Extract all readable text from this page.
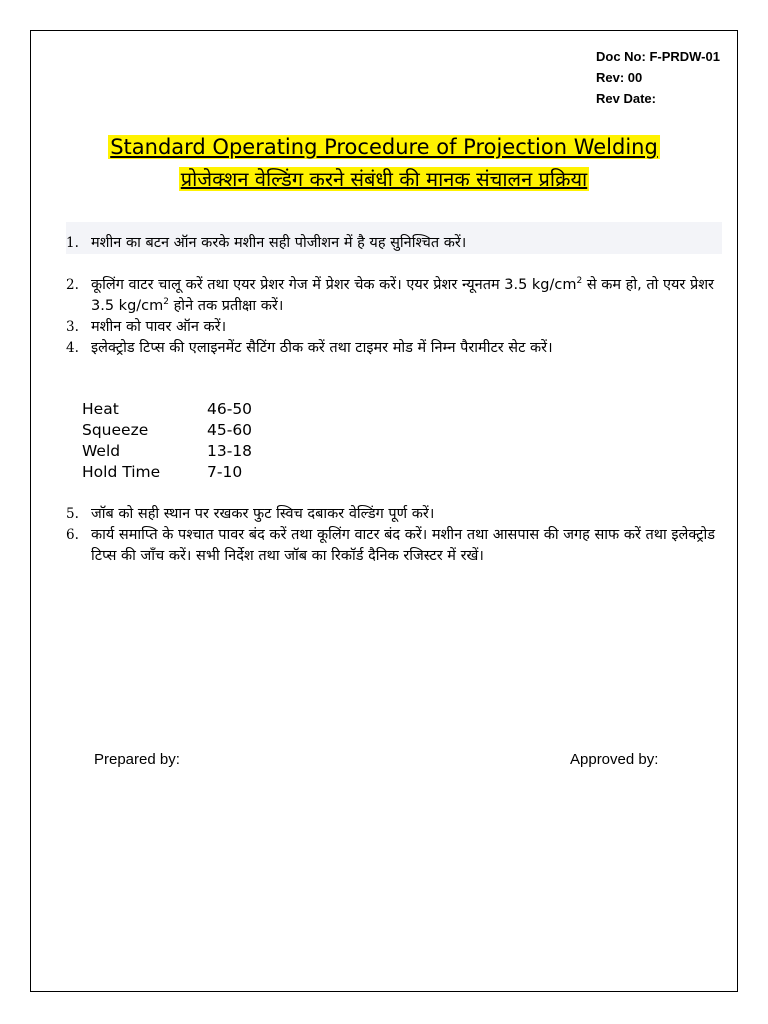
Doc No: F-PRDW-01
Rev: 00
Rev Date:
Standard Operating Procedure of Projection Welding
प्रोजेक्शन वेल्डिंग करने संबंधी की मानक संचालन प्रक्रिया
1. मशीन का बटन ऑन करके मशीन सही पोजीशन में है यह सुनिश्चित करें।
2. कूलिंग वाटर चालू करें तथा एयर प्रेशर गेज में प्रेशर चेक करें। एयर प्रेशर न्यूनतम 3.5 $kg/cm^2$ से कम हो, तो एयर प्रेशर 3.5 $kg/cm^2$ होने तक प्रतीक्षा करें।
3. मशीन को पावर ऑन करें।
4. इलेक्ट्रोड टिप्स की एलाइनमेंट सैटिंग ठीक करें तथा टाइमर मोड में निम्न पैरामीटर सेट करें।
Heat	46-50
Squeeze	45-60
Weld	13-18
Hold Time	7-10
5. जॉब को सही स्थान पर रखकर फुट स्विच दबाकर वेल्डिंग पूर्ण करें।
6. कार्य समाप्ति के पश्चात पावर बंद करें तथा कूलिंग वाटर बंद करें। मशीन तथा आसपास की जगह साफ करें तथा इलेक्ट्रोड टिप्स की जाँच करें। सभी निर्देश तथा जॉब का रिकॉर्ड दैनिक रजिस्टर में रखें।
Prepared by:	Approved by:
